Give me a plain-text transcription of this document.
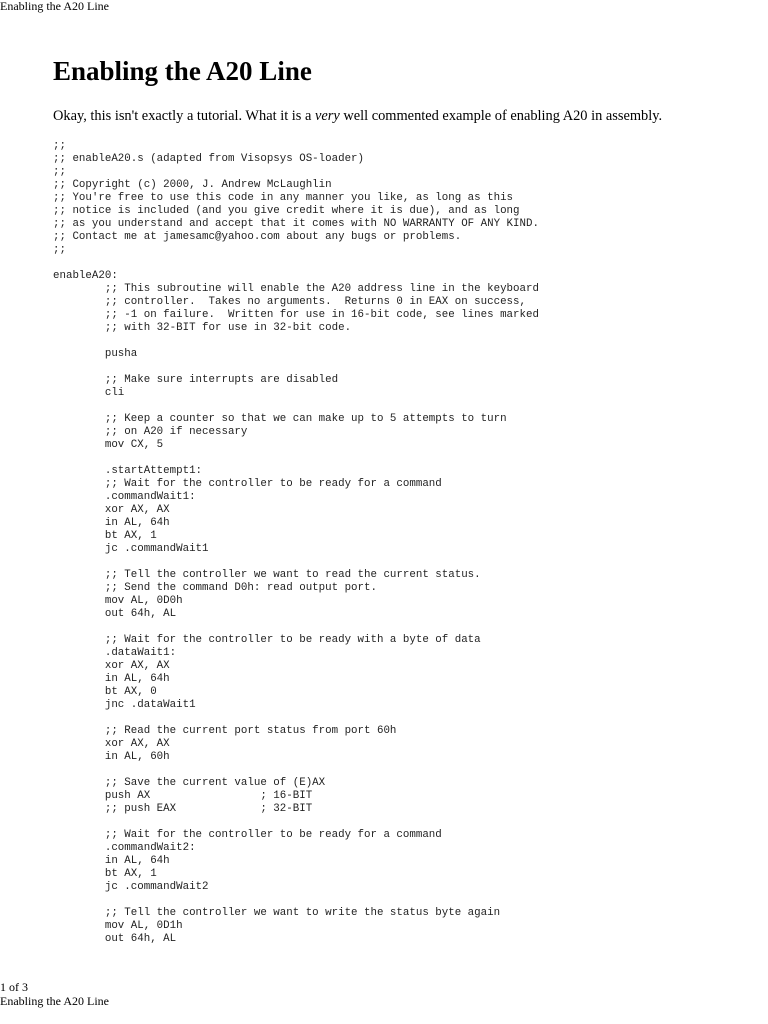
Enabling the A20 Line
Enabling the A20 Line

Okay, this isn't exactly a tutorial. What it is a very well commented example of enabling A20 in assembly.

;;
;; enableA20.s (adapted from Visopsys OS-loader)
;;
;; Copyright (c) 2000, J. Andrew McLaughlin
;; You're free to use this code in any manner you like, as long as this
;; notice is included (and you give credit where it is due), and as long
;; as you understand and accept that it comes with NO WARRANTY OF ANY KIND.
;; Contact me at jamesamc@yahoo.com about any bugs or problems.
;;

enableA20:
;; This subroutine will enable the A20 address line in the keyboard
;; controller.  Takes no arguments.  Returns 0 in EAX on success,
;; -1 on failure.  Written for use in 16-bit code, see lines marked
;; with 32-BIT for use in 32-bit code.

pusha

;; Make sure interrupts are disabled
cli

;; Keep a counter so that we can make up to 5 attempts to turn
;; on A20 if necessary
mov CX, 5

.startAttempt1:
;; Wait for the controller to be ready for a command
.commandWait1:
xor AX, AX
in AL, 64h
bt AX, 1
jc .commandWait1

;; Tell the controller we want to read the current status.
;; Send the command D0h: read output port.
mov AL, 0D0h
out 64h, AL

;; Wait for the controller to be ready with a byte of data
.dataWait1:
xor AX, AX
in AL, 64h
bt AX, 0
jnc .dataWait1

;; Read the current port status from port 60h
xor AX, AX
in AL, 60h

;; Save the current value of (E)AX
push AX                 ; 16-BIT
;; push EAX             ; 32-BIT

;; Wait for the controller to be ready for a command
.commandWait2:
in AL, 64h
bt AX, 1
jc .commandWait2

;; Tell the controller we want to write the status byte again
mov AL, 0D1h
out 64h, AL
1 of 3
Enabling the A20 Line
